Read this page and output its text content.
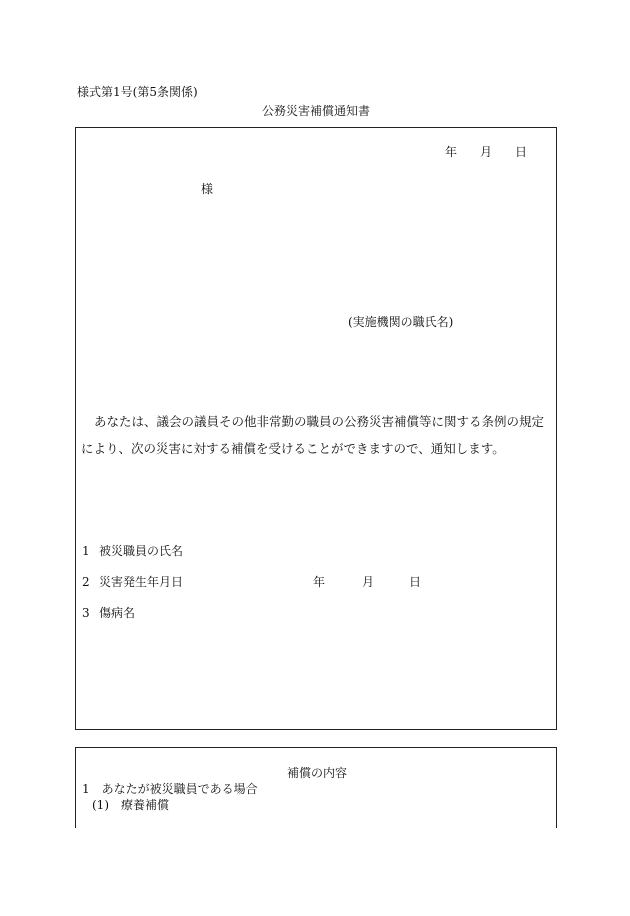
様式第1号(第5条関係)
公務災害補償通知書
年 月 日
様
(実施機関の職氏名)
あなたは、議会の議員その他非常勤の職員の公務災害補償等に関する条例の規定により、次の災害に対する補償を受けることができますので、通知します。
1 被災職員の氏名
2 災害発生年月日	年	月	日
3 傷病名
補償の内容
1　あなたが被災職員である場合
(1)　療養補償
